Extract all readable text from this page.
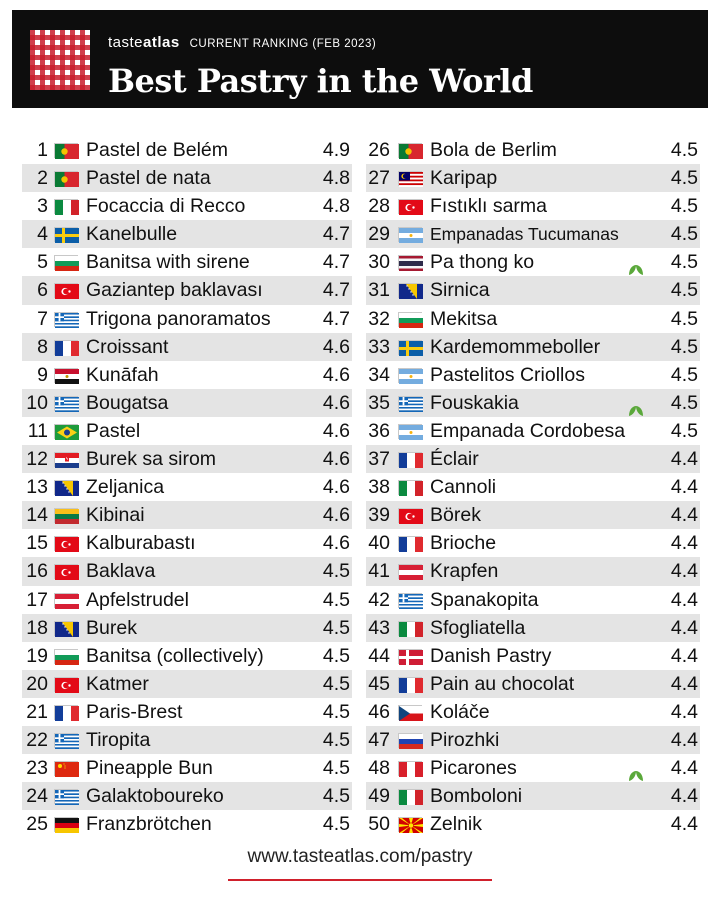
tasteatlas CURRENT RANKING (FEB 2023)
Best Pastry in the World
1 Pastel de Belém	4.9
2 Pastel de nata	4.8
3 Focaccia di Recco	4.8
4 Kanelbulle	4.7
5 Banitsa with sirene	4.7
6 Gaziantep baklavası	4.7
7 Trigona panoramatos	4.7
8 Croissant	4.6
9 Kunāfah	4.6
10 Bougatsa	4.6
11 Pastel	4.6
12 Burek sa sirom	4.6
13 Zeljanica	4.6
14 Kibinai	4.6
15 Kalburabastı	4.6
16 Baklava	4.5
17 Apfelstrudel	4.5
18 Burek	4.5
19 Banitsa (collectively)	4.5
20 Katmer	4.5
21 Paris-Brest	4.5
22 Tiropita	4.5
23 Pineapple Bun	4.5
24 Galaktoboureko	4.5
25 Franzbrötchen	4.5
26 Bola de Berlim	4.5
27 Karipap	4.5
28 Fıstıklı sarma	4.5
29 Empanadas Tucumanas	4.5
30 Pa thong ko	4.5
31 Sirnica	4.5
32 Mekitsa	4.5
33 Kardemommeboller	4.5
34 Pastelitos Criollos	4.5
35 Fouskakia	4.5
36 Empanada Cordobesa 4.5
37 Éclair	4.4
38 Cannoli	4.4
39 Börek	4.4
40 Brioche	4.4
41 Krapfen	4.4
42 Spanakopita	4.4
43 Sfogliatella	4.4
44 Danish Pastry	4.4
45 Pain au chocolat	4.4
46 Koláče	4.4
47 Pirozhki	4.4
48 Picarones	4.4
49 Bomboloni	4.4
50 Zelnik	4.4
www.tasteatlas.com/pastry
